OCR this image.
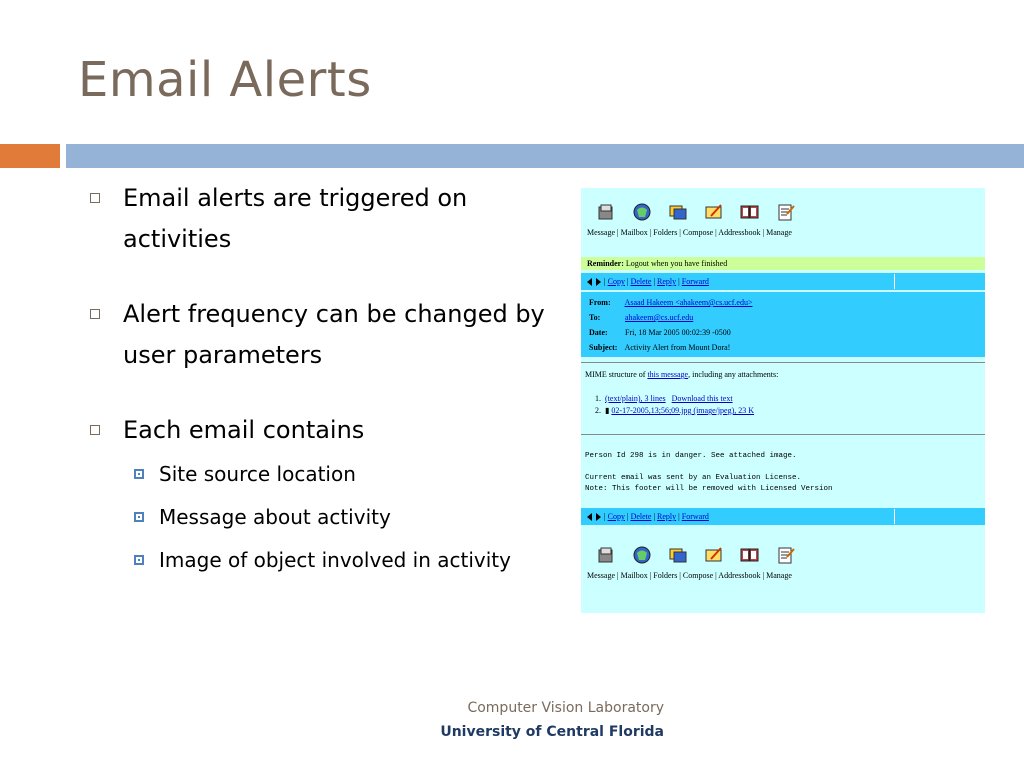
Email Alerts
Email alerts are triggered on activities
Alert frequency can be changed by user parameters
Each email contains
Site source location
Message about activity
Image of object involved in activity
Message | Mailbox | Folders | Compose | Addressbook | Manage
Reminder: Logout when you have finished
| Copy | Delete | Reply | Forward
From: Asaad Hakeem <ahakeem@cs.ucf.edu>
To:	ahakeem@cs.ucf.edu
Date: Fri, 18 Mar 2005 00:02:39 -0500
Subject: Activity Alert from Mount Dora!
MIME structure of this message, including any attachments:
1. (text/plain), 3 lines Download this text
2. ▮ 02-17-2005,13;56;09.jpg (image/jpeg), 23 K
Person Id 298 is in danger. See attached image.
Current email was sent by an Evaluation License.
Note: This footer will be removed with Licensed Version
| Copy | Delete | Reply | Forward
Message | Mailbox | Folders | Compose | Addressbook | Manage
Computer Vision Laboratory
University of Central Florida
